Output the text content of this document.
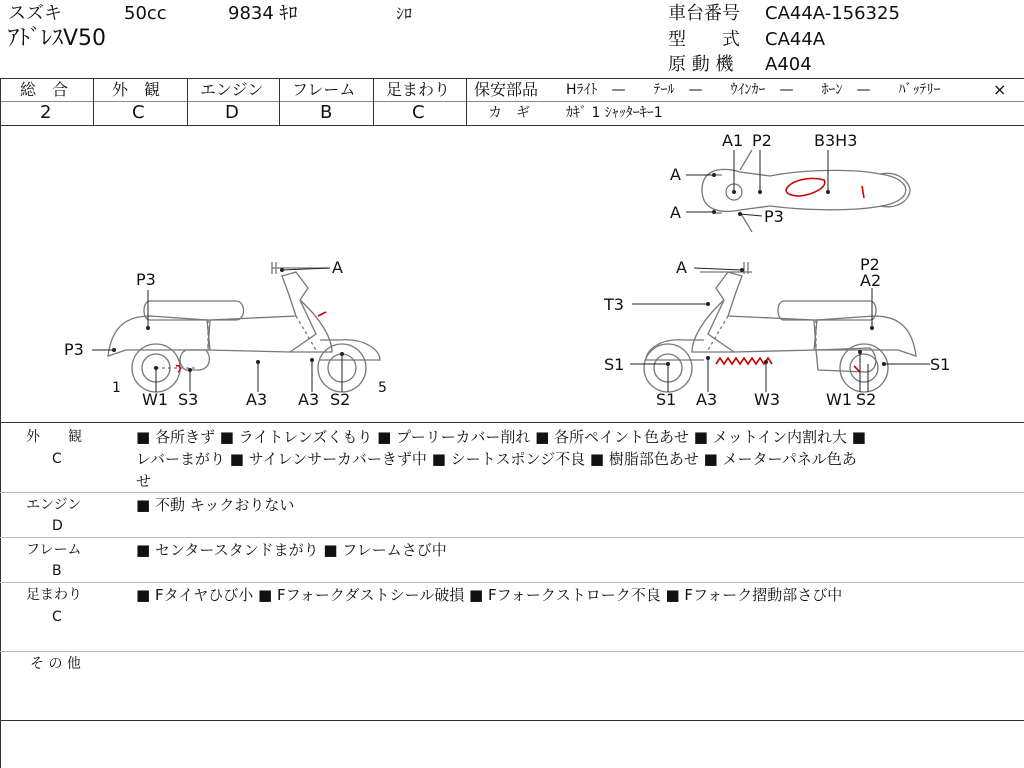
スズキ	50cc	9834 ｷﾛ	ｼﾛ
ｱﾄﾞﾚｽV50
車台番号 CA44A-156325
型　　式 CA44A
原 動 機 A404
総　合
2
外　観
C
エンジン
D
フレーム
B
足まわり
C
保安部品 Hﾗｲﾄ　—　　ﾃｰﾙ　—　　ｳｲﾝｶｰ　—　　ﾎｰﾝ　—　　ﾊﾞｯﾃﾘｰ	×
カ　ギ	ｶｷﾞ 1 ｼｬｯﾀｰｷｰ1
A1 P2	B3H3
A
A	P3
A
P3
P3
1
W1 S3	A3 A3 S2
5
A	P2
A2
T3
S1	S1
S1 A3 W3	W1 S2
外　　観
C
■ 各所きず ■ ライトレンズくもり ■ プーリーカバー削れ ■ 各所ペイント色あせ ■ メットイン内割れ大 ■
レバーまがり ■ サイレンサーカバーきず中 ■ シートスポンジ不良 ■ 樹脂部色あせ ■ メーターパネル色あ
せ
エンジン
D
■ 不動 キックおりない
フレーム
B
■ センタースタンドまがり ■ フレームさび中
足まわり
C
■ Fタイヤひび小 ■ Fフォークダストシール破損 ■ Fフォークストローク不良 ■ Fフォーク摺動部さび中
そ の 他
